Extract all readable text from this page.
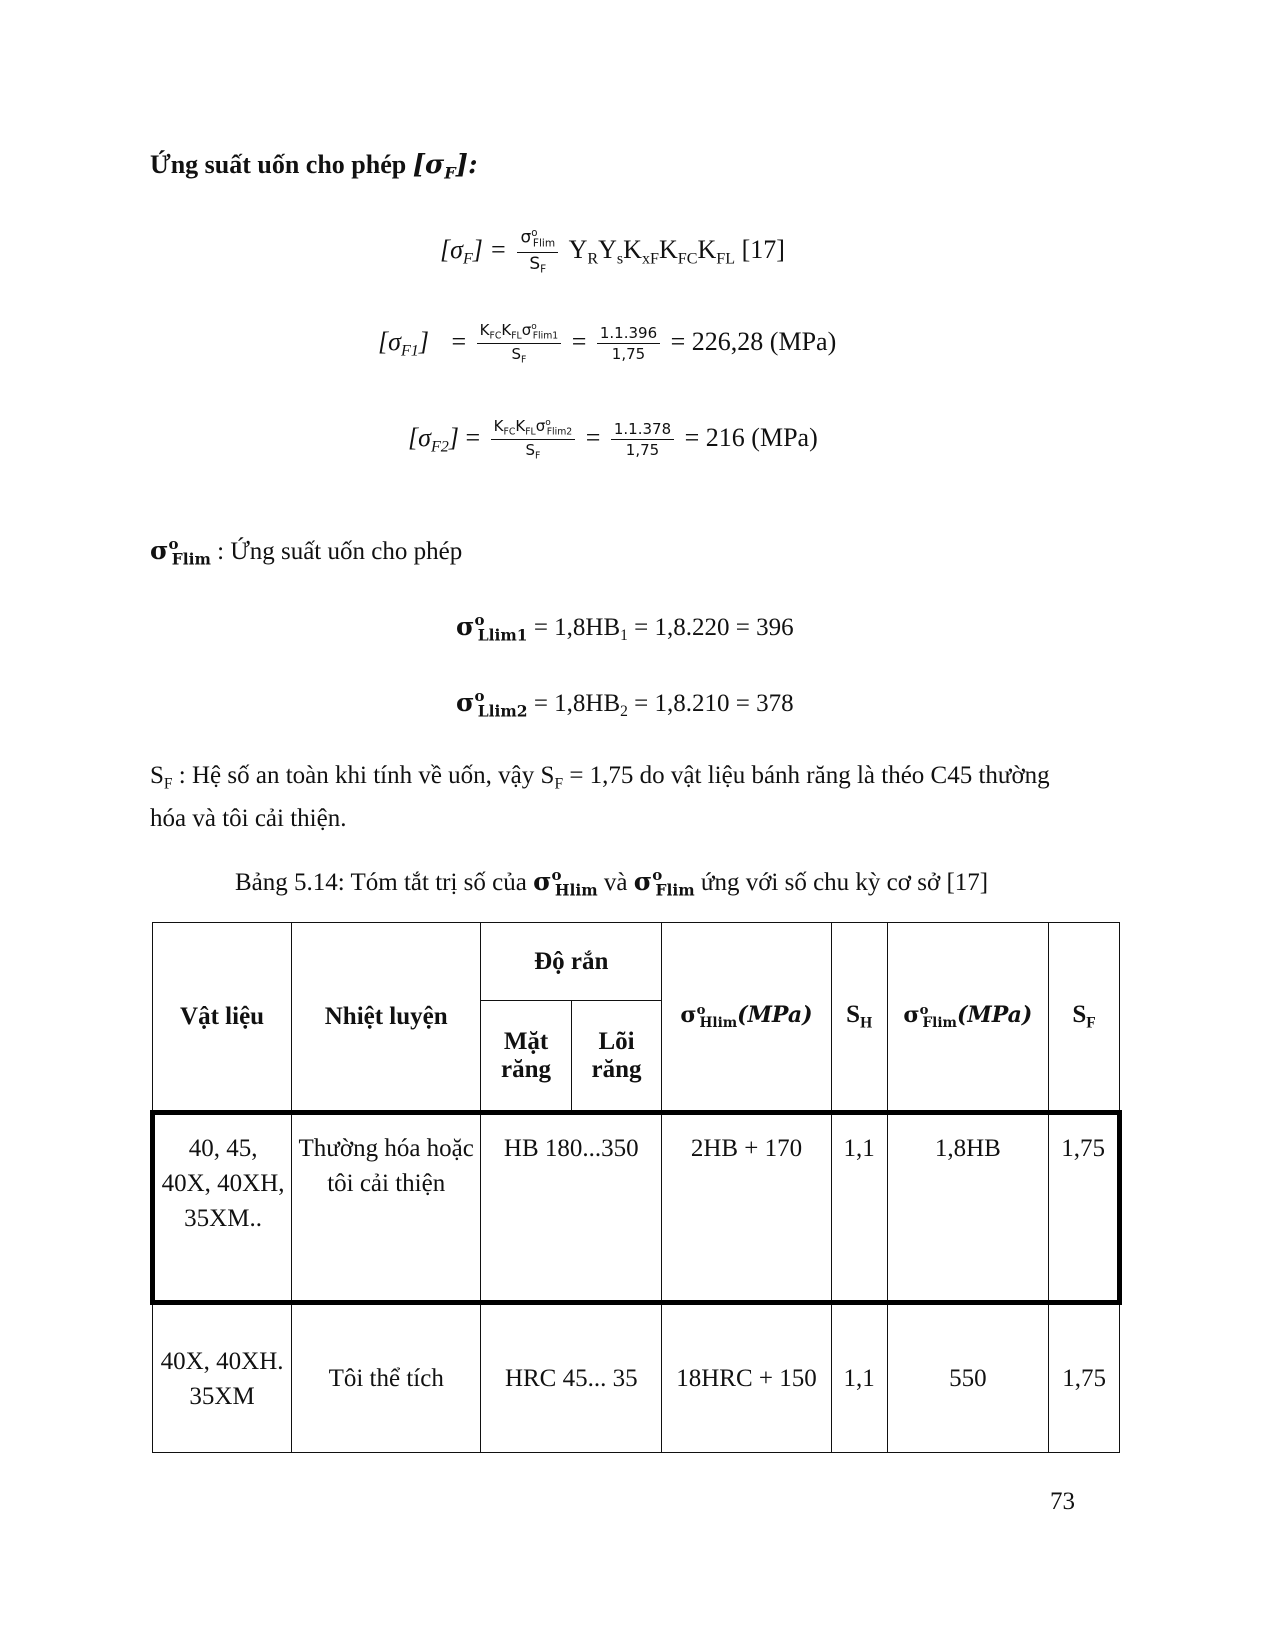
Ứng suất uốn cho phép $[\sigma_F]$:
$[\sigma_F] = \frac{\sigma^o_{Flim}}{S_F} Y_RY_sK_{xF}K_{FC}K_{FL}$ [17]
$[\sigma_{F1}] = \frac{K_{FC}K_{FL}\sigma^o_{Flim1}}{S_F} = \frac{1.1.396}{1,75} = 226,28$ (MPa)
$[\sigma_{F2}] = \frac{K_{FC}K_{FL}\sigma^o_{Flim2}}{S_F} = \frac{1.1.378}{1,75} = 216$ (MPa)
$\sigma^o_{Flim}$ : Ứng suất uốn cho phép
$\sigma^o_{Llim1} = 1,8HB_1 = 1,8.220 = 396$
$\sigma^o_{Llim2} = 1,8HB_2 = 1,8.210 = 378$
$S_F$ : Hệ số an toàn khi tính về uốn, vậy $S_F = 1,75$ do vật liệu bánh răng là théo C45 thường
hóa và tôi cải thiện.
Bảng 5.14: Tóm tắt trị số của $\sigma^o_{Hlim}$ và $\sigma^o_{Flim}$ ứng với số chu kỳ cơ sở [17]
Vật liệu	Nhiệt luyện	Độ rắn		$\sigma^o_{Hlim}(MPa)$	$S_H$	$\sigma^o_{Flim}(MPa)$	$S_F$
		Mặt răng	Lõi răng				
40, 45, 40X, 40XH, 35XM..	Thường hóa hoặc tôi cải thiện	HB 180...350		2HB + 170	1,1	1,8HB	1,75
40X, 40XH. 35XM	Tôi thể tích	HRC 45... 35		18HRC + 150	1,1	550	1,75
73
